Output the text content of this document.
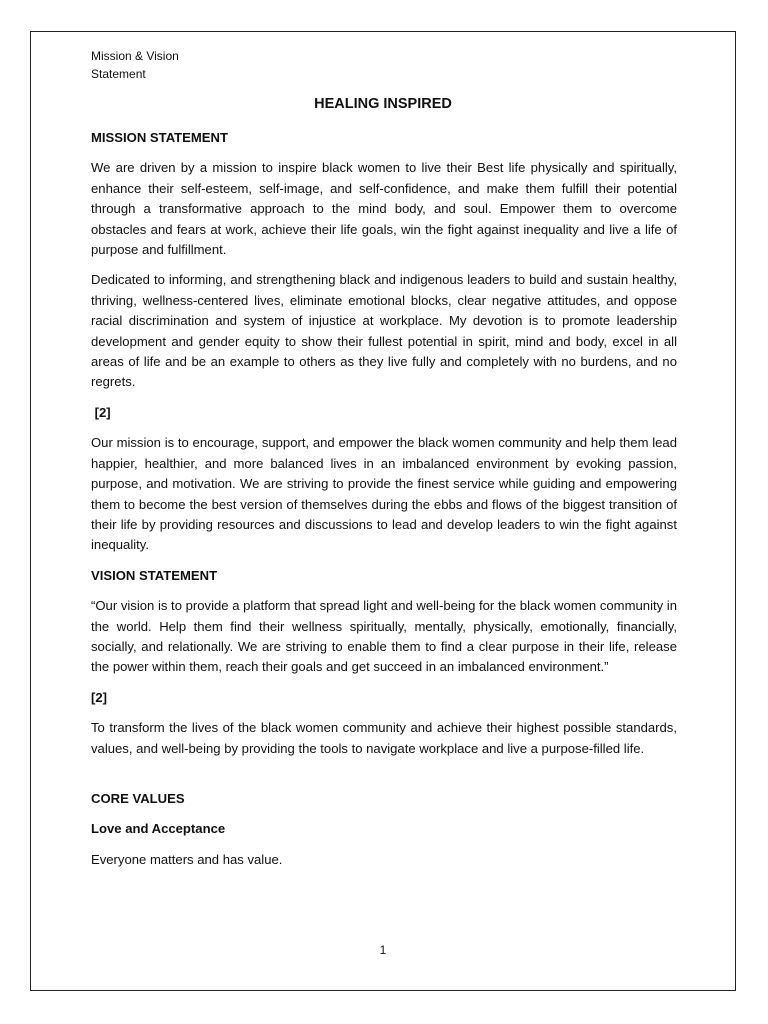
Mission & Vision
Statement
HEALING INSPIRED
MISSION STATEMENT
We are driven by a mission to inspire black women to live their Best life physically and spiritually, enhance their self-esteem, self-image, and self-confidence, and make them fulfill their potential through a transformative approach to the mind body, and soul. Empower them to overcome obstacles and fears at work, achieve their life goals, win the fight against inequality and live a life of purpose and fulfillment.
Dedicated to informing, and strengthening black and indigenous leaders to build and sustain healthy, thriving, wellness-centered lives, eliminate emotional blocks, clear negative attitudes, and oppose racial discrimination and system of injustice at workplace. My devotion is to promote leadership development and gender equity to show their fullest potential in spirit, mind and body, excel in all areas of life and be an example to others as they live fully and completely with no burdens, and no regrets.
[2]
Our mission is to encourage, support, and empower the black women community and help them lead happier, healthier, and more balanced lives in an imbalanced environment by evoking passion, purpose, and motivation. We are striving to provide the finest service while guiding and empowering them to become the best version of themselves during the ebbs and flows of the biggest transition of their life by providing resources and discussions to lead and develop leaders to win the fight against inequality.
VISION STATEMENT
“Our vision is to provide a platform that spread light and well-being for the black women community in the world. Help them find their wellness spiritually, mentally, physically, emotionally, financially, socially, and relationally. We are striving to enable them to find a clear purpose in their life, release the power within them, reach their goals and get succeed in an imbalanced environment.”
[2]
To transform the lives of the black women community and achieve their highest possible standards, values, and well-being by providing the tools to navigate workplace and live a purpose-filled life.
CORE VALUES
Love and Acceptance
Everyone matters and has value.
1
